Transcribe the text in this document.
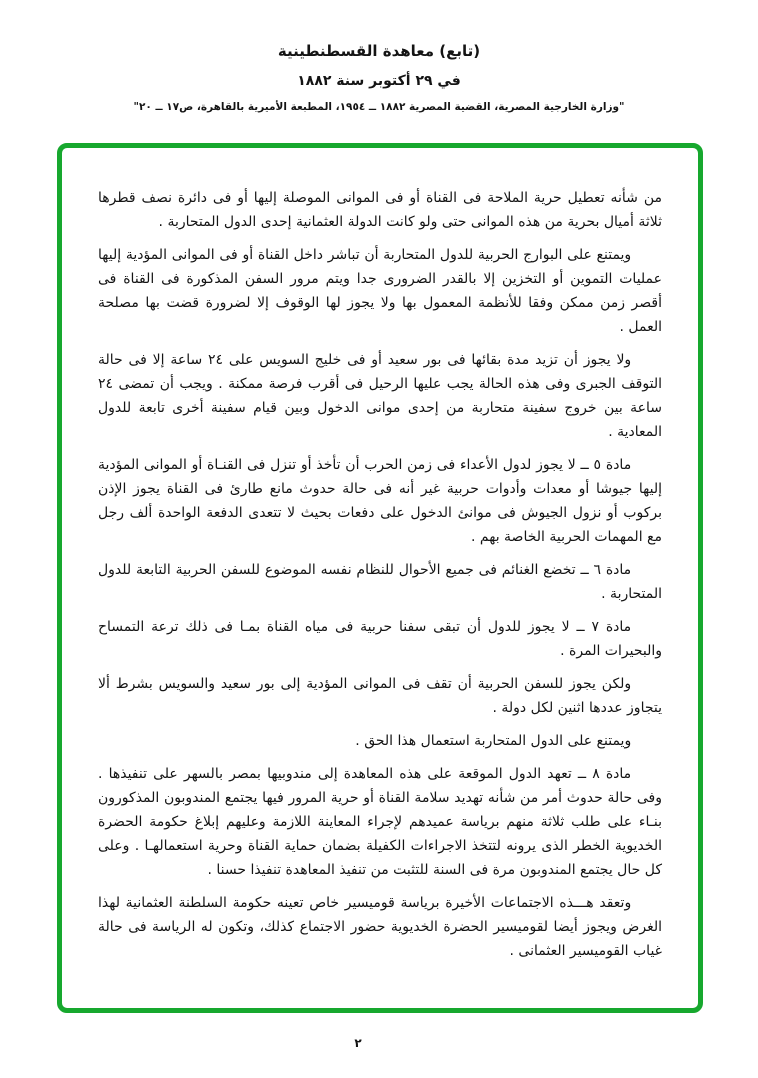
(تابع) معاهدة القسطنطينية

في ٢٩ أكتوبر سنة ١٨٨٢

"وزارة الخارجية المصرية، القضية المصرية ١٨٨٢ ــ ١٩٥٤، المطبعة الأميرية بالقاهرة، ص١٧ ــ ٢٠"

من شأنه تعطيل حرية الملاحة فى القناة أو فى الموانى الموصلة إليها أو فى دائرة نصف قطرها ثلاثة أميال بحرية من هذه الموانى حتى ولو كانت الدولة العثمانية إحدى الدول المتحاربة .

ويمتنع على البوارج الحربية للدول المتحاربة أن تباشر داخل القناة أو فى الموانى المؤدية إليها عمليات التموين أو التخزين إلا بالقدر الضرورى جدا ويتم مرور السفن المذكورة فى القناة فى أقصر زمن ممكن وفقا للأنظمة المعمول بها ولا يجوز لها الوقوف إلا لضرورة قضت بها مصلحة العمل .

ولا يجوز أن تزيد مدة بقائها فى بور سعيد أو فى خليج السويس على ٢٤ ساعة إلا فى حالة التوقف الجبرى وفى هذه الحالة يجب عليها الرحيل فى أقرب فرصة ممكنة . ويجب أن تمضى ٢٤ ساعة بين خروج سفينة متحاربة من إحدى موانى الدخول وبين قيام سفينة أخرى تابعة للدول المعادية .

مادة ٥ ــ لا يجوز لدول الأعداء فى زمن الحرب أن تأخذ أو تنزل فى القنـاة أو الموانى المؤدية إليها جيوشا أو معدات وأدوات حربية غير أنه فى حالة حدوث مانع طارئ فى القناة يجوز الإذن بركوب أو نزول الجيوش فى موانئ الدخول على دفعات بحيث لا تتعدى الدفعة الواحدة ألف رجل مع المهمات الحربية الخاصة بهم .

مادة ٦ ــ تخضع الغنائم فى جميع الأحوال للنظام نفسه الموضوع للسفن الحربية التابعة للدول المتحاربة .

مادة ٧ ــ لا يجوز للدول أن تبقى سفنا حربية فى مياه القناة بمـا فى ذلك ترعة التمساح والبحيرات المرة .

ولكن يجوز للسفن الحربية أن تقف فى الموانى المؤدية إلى بور سعيد والسويس بشرط ألا يتجاوز عددها اثنين لكل دولة .

ويمتنع على الدول المتحاربة استعمال هذا الحق .

مادة ٨ ــ تعهد الدول الموقعة على هذه المعاهدة إلى مندوبيها بمصر بالسهر على تنفيذها . وفى حالة حدوث أمر من شأنه تهديد سلامة القناة أو حرية المرور فيها يجتمع المندوبون المذكورون بنـاء على طلب ثلاثة منهم برياسة عميدهم لإجراء المعاينة اللازمة وعليهم إبلاغ حكومة الحضرة الخديوية الخطر الذى يرونه لتتخذ الاجراءات الكفيلة بضمان حماية القناة وحرية استعمالهـا . وعلى كل حال يجتمع المندوبون مرة فى السنة للتثبت من تنفيذ المعاهدة تنفيذا حسنا .

وتعقد هـــذه الاجتماعات الأخيرة برياسة قوميسير خاص تعينه حكومة السلطنة العثمانية لهذا الغرض ويجوز أيضا لقوميسير الحضرة الخديوية حضور الاجتماع كذلك، وتكون له الرياسة فى حالة غياب القوميسير العثمانى .

٢
